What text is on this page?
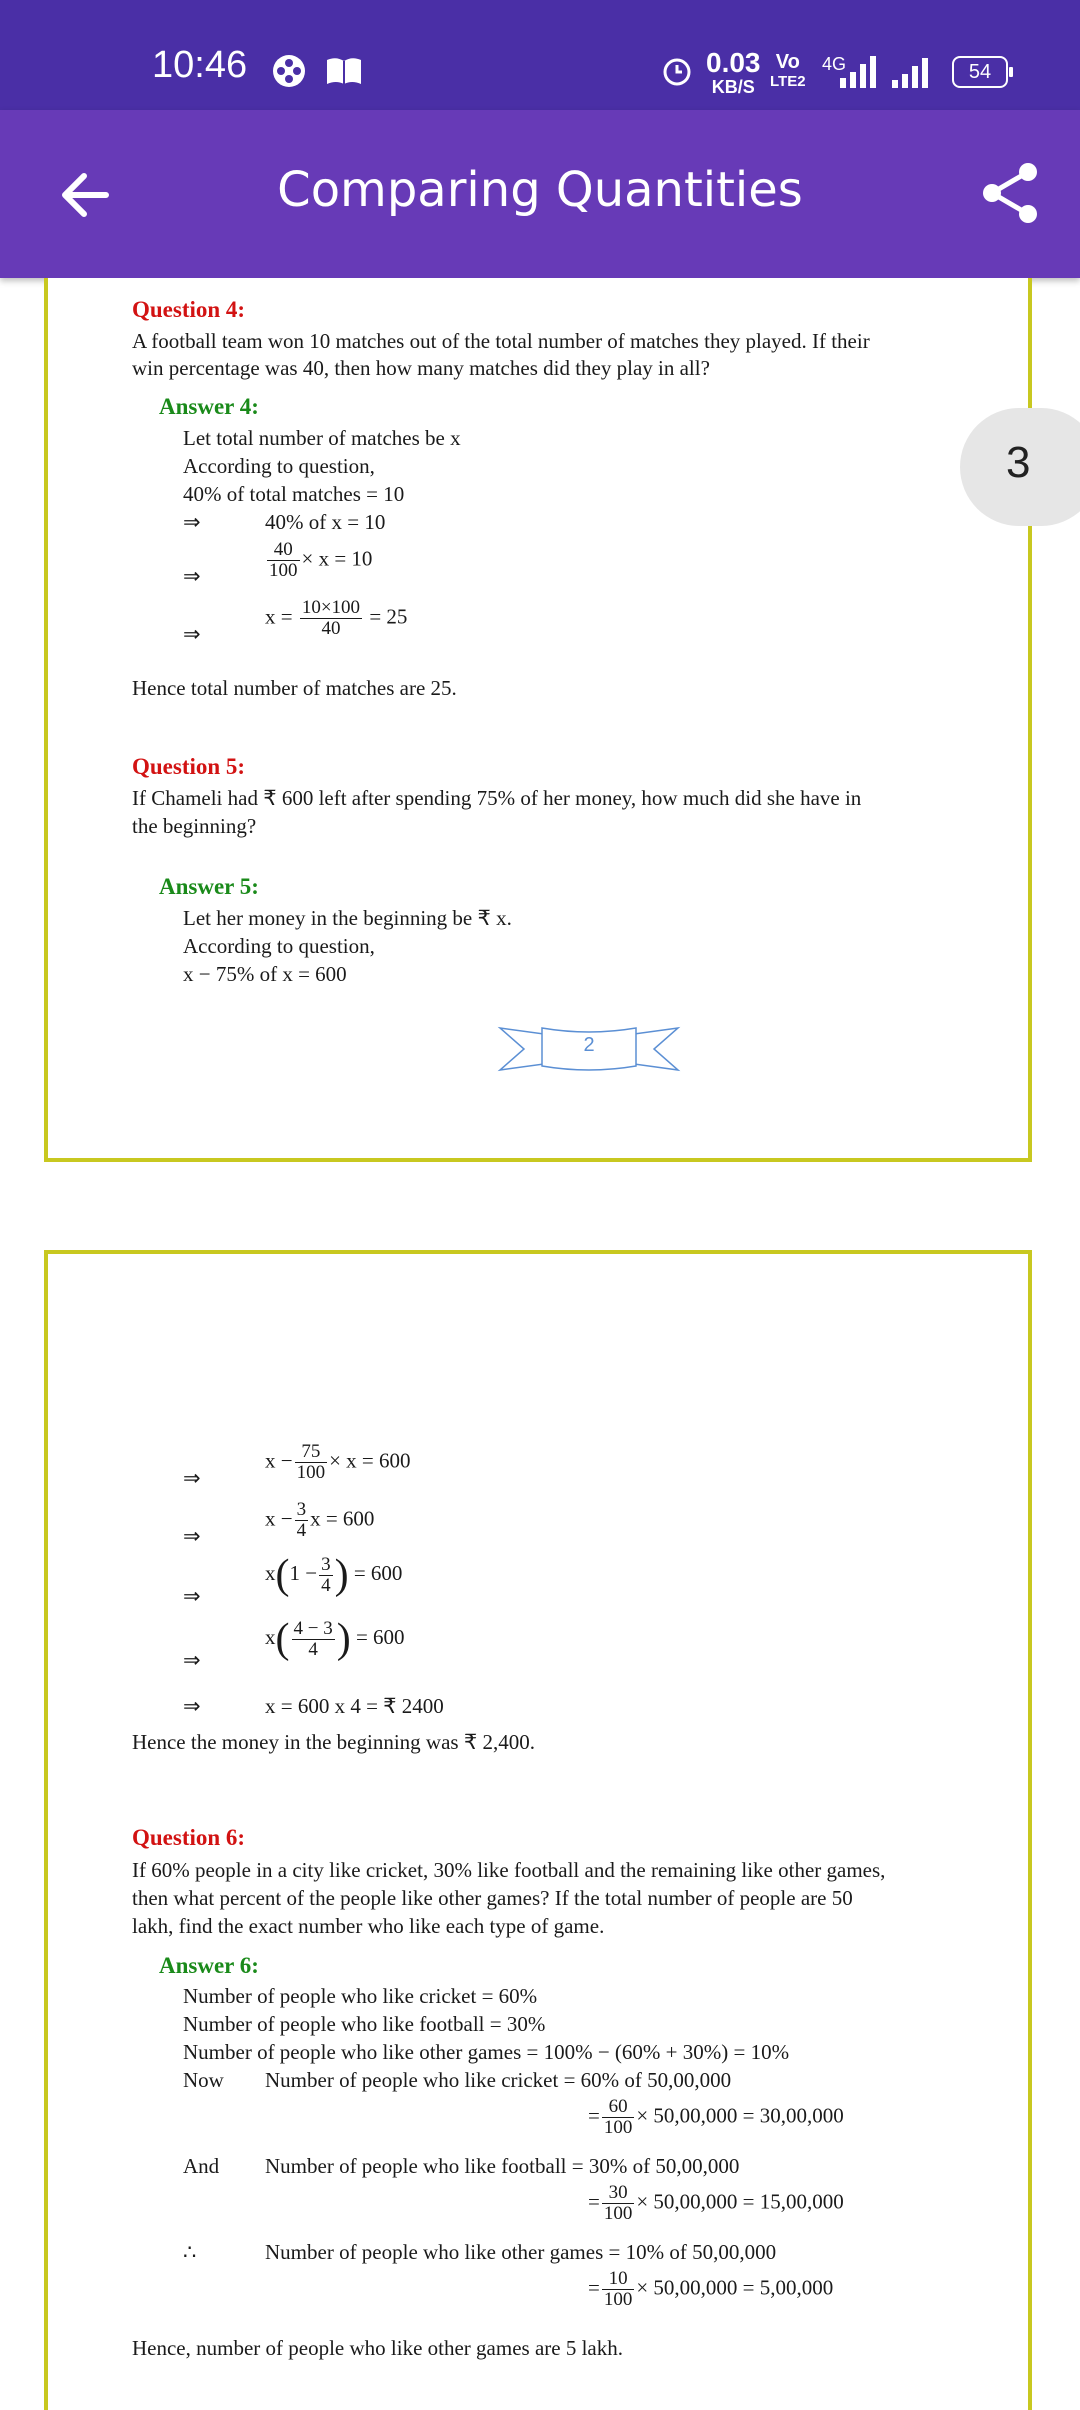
10:46	0.03
KB/S
Vo
LTE2
4G	54
Comparing Quantities
Question 4:
A football team won 10 matches out of the total number of matches they played. If their
win percentage was 40, then how many matches did they play in all?
Answer 4:
Let total number of matches be x
According to question,
40% of total matches = 10
⇒	40% of x = 10
⇒	$\frac{40}{100} \times x = 10$
⇒
$x = \frac{10\times 100}{40} = 25$
Hence total number of matches are 25.
Question 5:
If Chameli had ₹ 600 left after spending 75% of her money, how much did she have in
the beginning?
Answer 5:
Let her money in the beginning be ₹ x.
According to question,
x − 75% of x = 600
2
3
⇒
$x - \frac{75}{100} \times x = 600$
⇒
$x - \frac{3}{4}$ x = 600
⇒
$x(1 - \frac{3}{4}$ ) = 600
⇒
$x( \frac{4 - 3}{4}$ ) = 600
⇒	x = 600 x 4 = ₹ 2400
Hence the money in the beginning was ₹ 2,400.
Question 6:
If 60% people in a city like cricket, 30% like football and the remaining like other games,
then what percent of the people like other games? If the total number of people are 50
lakh, find the exact number who like each type of game.
Answer 6:
Number of people who like cricket = 60%
Number of people who like football = 30%
Number of people who like other games = 100% − (60% + 30%) = 10%
Now Number of people who like cricket = 60% of 50,00,000
= $\frac{60}{100} \times 50,00,000 = 30,00,000$
And Number of people who like football = 30% of 50,00,000
= $\frac{30}{100} \times 50,00,000 = 15,00,000$
∴	Number of people who like other games = 10% of 50,00,000
= $\frac{10}{100} \times 50,00,000 = 5,00,000$
Hence, number of people who like other games are 5 lakh.
